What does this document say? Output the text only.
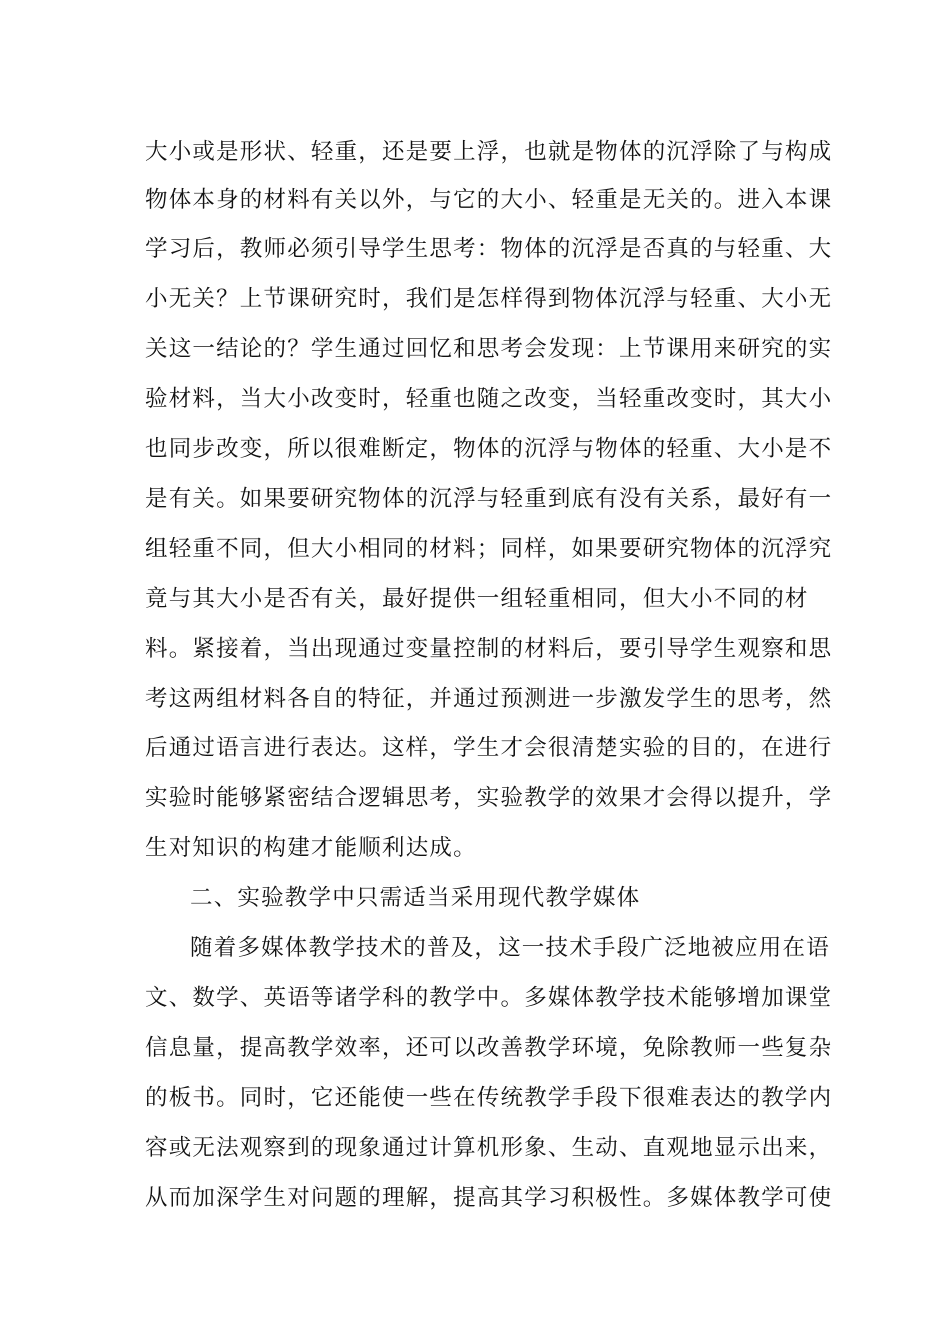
大小或是形状、轻重，还是要上浮，也就是物体的沉浮除了与构成
物体本身的材料有关以外，与它的大小、轻重是无关的。进入本课
学习后，教师必须引导学生思考：物体的沉浮是否真的与轻重、大
小无关？上节课研究时，我们是怎样得到物体沉浮与轻重、大小无
关这一结论的？学生通过回忆和思考会发现：上节课用来研究的实
验材料，当大小改变时，轻重也随之改变，当轻重改变时，其大小
也同步改变，所以很难断定，物体的沉浮与物体的轻重、大小是不
是有关。如果要研究物体的沉浮与轻重到底有没有关系，最好有一
组轻重不同，但大小相同的材料；同样，如果要研究物体的沉浮究
竟与其大小是否有关，最好提供一组轻重相同，但大小不同的材
料。紧接着，当出现通过变量控制的材料后，要引导学生观察和思
考这两组材料各自的特征，并通过预测进一步激发学生的思考，然
后通过语言进行表达。这样，学生才会很清楚实验的目的，在进行
实验时能够紧密结合逻辑思考，实验教学的效果才会得以提升，学
生对知识的构建才能顺利达成。
二、实验教学中只需适当采用现代教学媒体
随着多媒体教学技术的普及，这一技术手段广泛地被应用在语
文、数学、英语等诸学科的教学中。多媒体教学技术能够增加课堂
信息量，提高教学效率，还可以改善教学环境，免除教师一些复杂
的板书。同时，它还能使一些在传统教学手段下很难表达的教学内
容或无法观察到的现象通过计算机形象、生动、直观地显示出来，
从而加深学生对问题的理解，提高其学习积极性。多媒体教学可使
